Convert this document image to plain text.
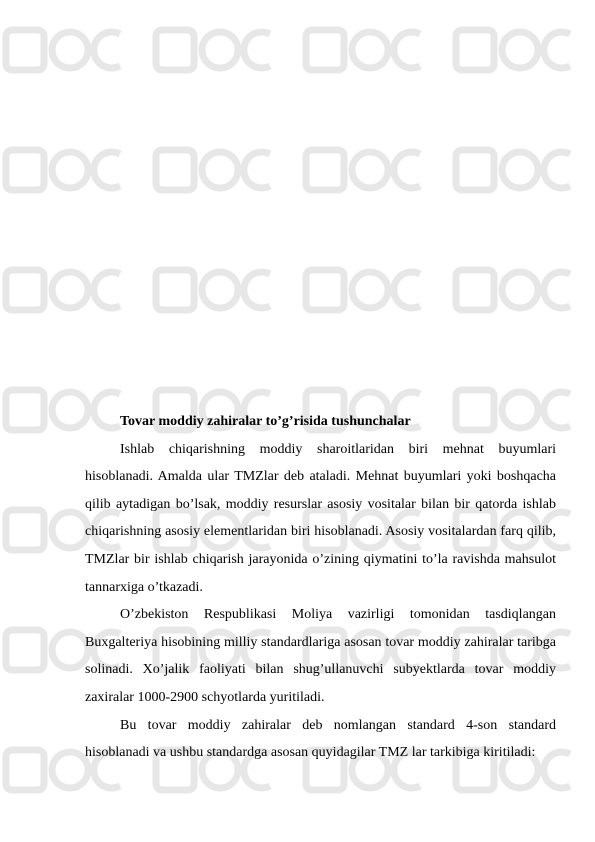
Tovar moddiy zahiralar to’g’risida tushunchalar

Ishlab chiqarishning moddiy sharoitlaridan biri mehnat buyumlari hisoblanadi. Amalda ular TMZlar deb ataladi. Mehnat buyumlari yoki boshqacha qilib aytadigan bo’lsak, moddiy resurslar asosiy vositalar bilan bir qatorda ishlab chiqarishning asosiy elementlaridan biri hisoblanadi. Asosiy vositalardan farq qilib, TMZlar bir ishlab chiqarish jarayonida o’zining qiymatini to’la ravishda mahsulot tannarxiga o’tkazadi.

O’zbekiston Respublikasi Moliya vazirligi tomonidan tasdiqlangan Buxgalteriya hisobining milliy standardlariga asosan tovar moddiy zahiralar taribga solinadi. Xo’jalik faoliyati bilan shug’ullanuvchi subyektlarda tovar moddiy zaxiralar 1000-2900 schyotlarda yuritiladi.

Bu tovar moddiy zahiralar deb nomlangan standard 4-son standard hisoblanadi va ushbu standardga asosan quyidagilar TMZ lar tarkibiga kiritiladi:
